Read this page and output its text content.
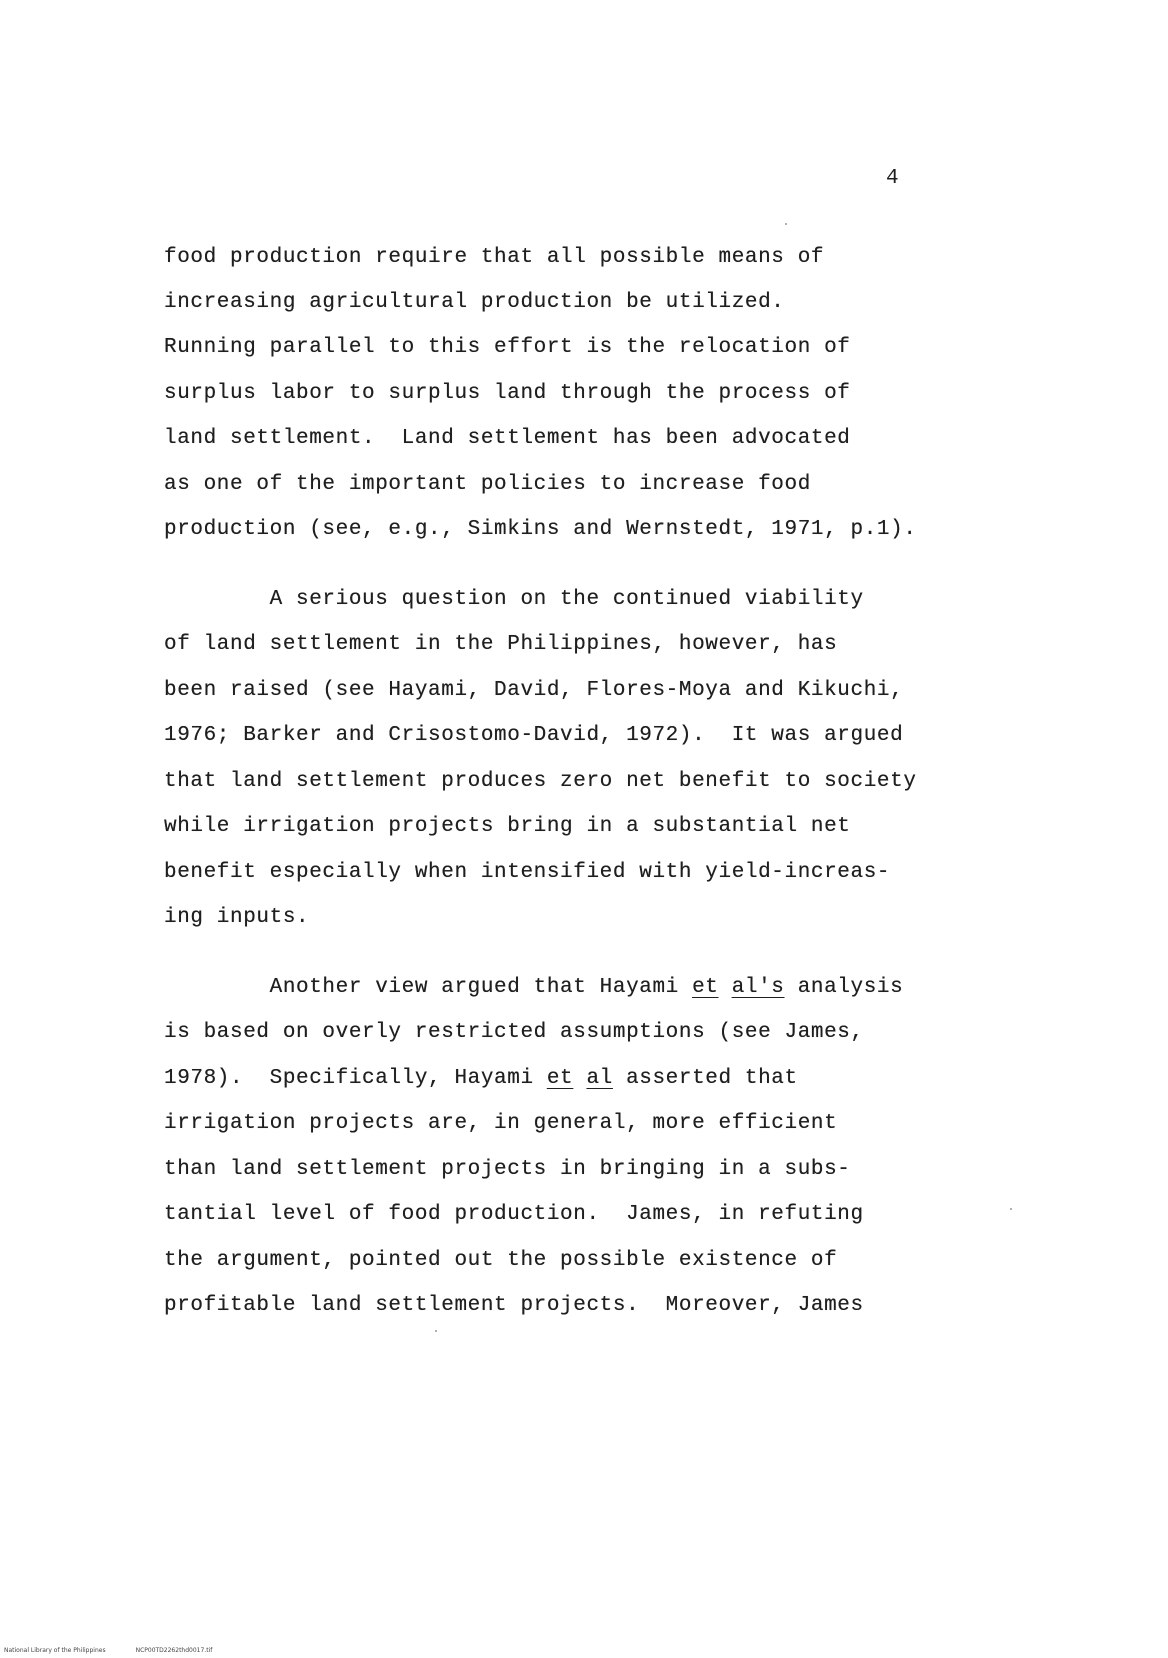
4
food production require that all possible means of
increasing agricultural production be utilized.
Running parallel to this effort is the relocation of
surplus labor to surplus land through the process of
land settlement.  Land settlement has been advocated
as one of the important policies to increase food
production (see, e.g., Simkins and Wernstedt, 1971, p.1).
A serious question on the continued viability
of land settlement in the Philippines, however, has
been raised (see Hayami, David, Flores-Moya and Kikuchi,
1976; Barker and Crisostomo-David, 1972).  It was argued
that land settlement produces zero net benefit to society
while irrigation projects bring in a substantial net
benefit especially when intensified with yield-increas-
ing inputs.
Another view argued that Hayami et al's analysis
is based on overly restricted assumptions (see James,
1978).  Specifically, Hayami et al asserted that
irrigation projects are, in general, more efficient
than land settlement projects in bringing in a subs-
tantial level of food production.  James, in refuting
the argument, pointed out the possible existence of
profitable land settlement projects.  Moreover, James
National Library of the Philippines	NCP00TD2262thd0017.tif
